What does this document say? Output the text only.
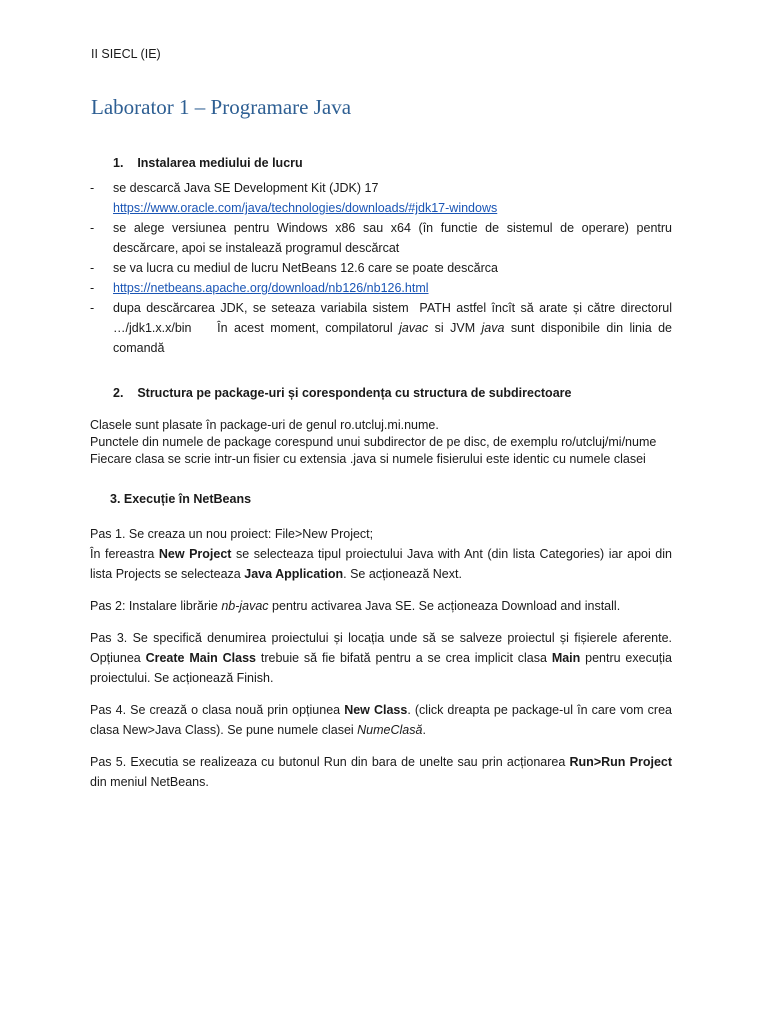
II SIECL (IE)
Laborator 1 – Programare Java
1.    Instalarea mediului de lucru
- se descarcă Java SE Development Kit (JDK) 17
https://www.oracle.com/java/technologies/downloads/#jdk17-windows
- se alege versiunea pentru Windows x86 sau x64 (în functie de sistemul de operare) pentru descărcare, apoi se instalează programul descărcat
- se va lucra cu mediul de lucru NetBeans 12.6 care se poate descărca
- https://netbeans.apache.org/download/nb126/nb126.html
- dupa descărcarea JDK, se seteaza variabila sistem  PATH astfel încît să arate și către directorul …/jdk1.x.x/bin    În acest moment, compilatorul javac si JVM java sunt disponibile din linia de comandă
2.    Structura pe package-uri și corespondența cu structura de subdirectoare
Clasele sunt plasate în package-uri de genul ro.utcluj.mi.nume.
Punctele din numele de package corespund unui subdirector de pe disc, de exemplu ro/utcluj/mi/nume
Fiecare clasa se scrie intr-un fisier cu extensia .java si numele fisierului este identic cu numele clasei
3. Execuție în NetBeans
Pas 1. Se creaza un nou proiect: File>New Project;
În fereastra New Project se selecteaza tipul proiectului Java with Ant (din lista Categories) iar apoi din lista Projects se selecteaza Java Application. Se acționează Next.
Pas 2: Instalare librărie nb-javac pentru activarea Java SE. Se acționeaza Download and install.
Pas 3. Se specifică denumirea proiectului și locația unde să se salveze proiectul și fișierele aferente. Opțiunea Create Main Class trebuie să fie bifată pentru a se crea implicit clasa Main pentru execuția proiectului. Se acționează Finish.
Pas 4. Se crează o clasa nouă prin opțiunea New Class. (click dreapta pe package-ul în care vom crea clasa New>Java Class). Se pune numele clasei NumeClasă.
Pas 5. Executia se realizeaza cu butonul Run din bara de unelte sau prin acționarea Run>Run Project din meniul NetBeans.
